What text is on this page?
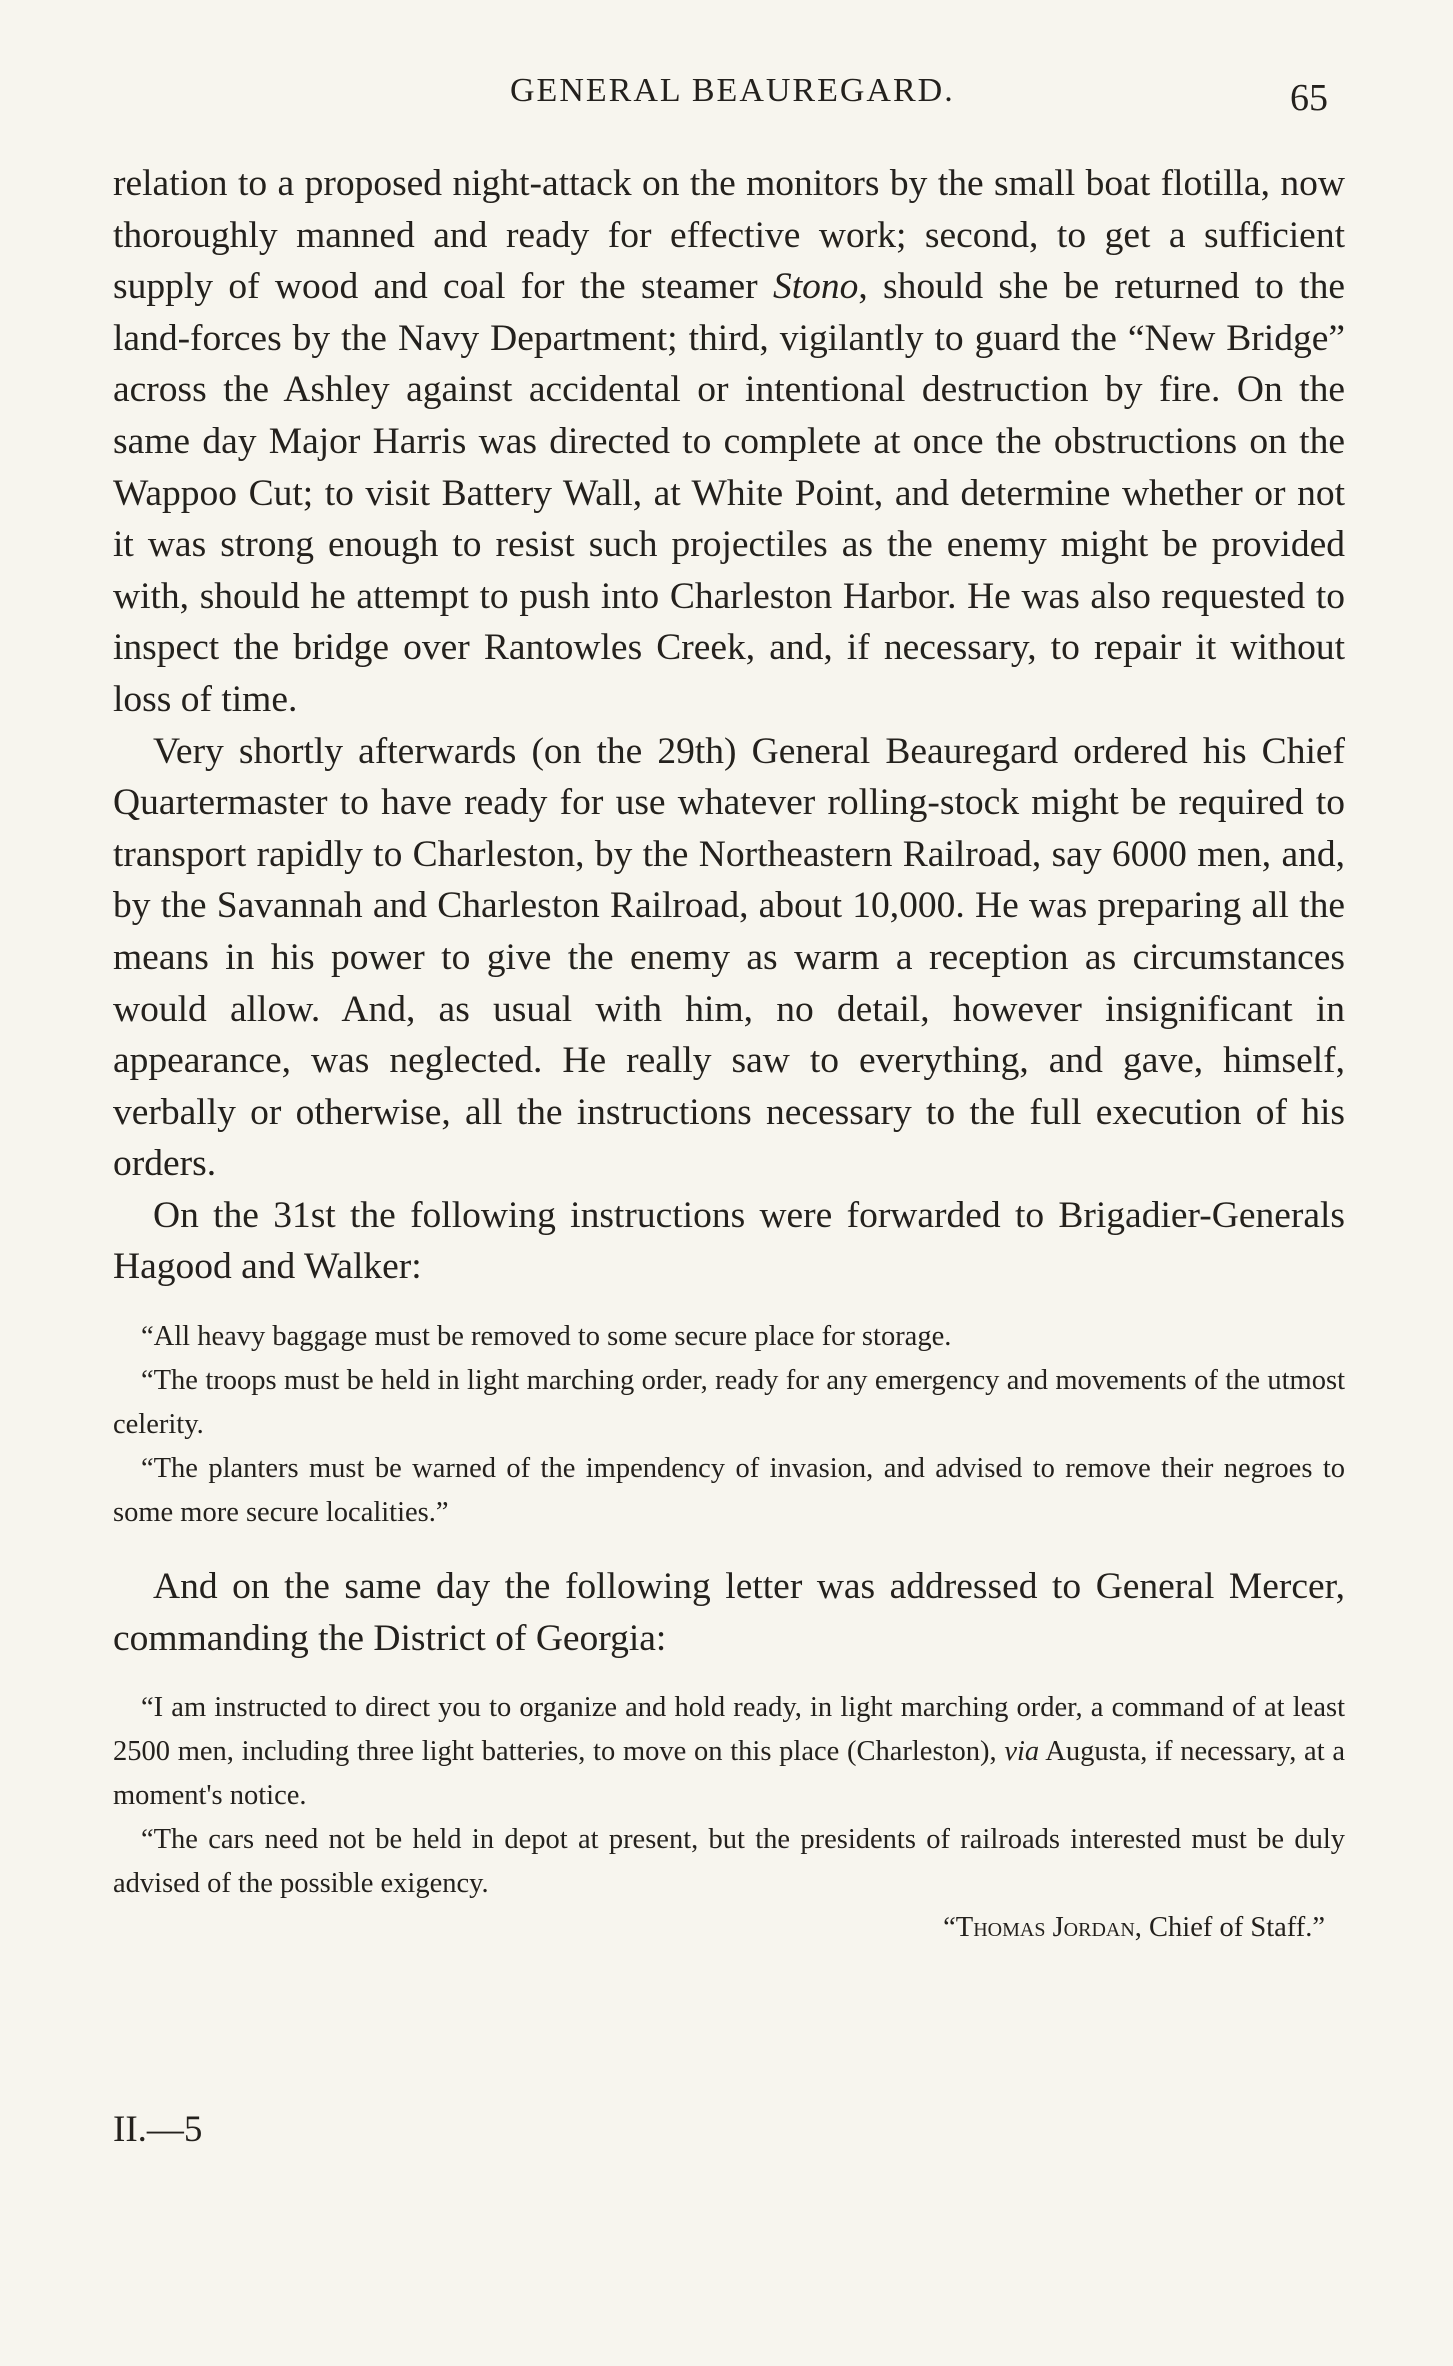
GENERAL BEAUREGARD.	65

relation to a proposed night-attack on the monitors by the small boat flotilla, now thoroughly manned and ready for effective work; second, to get a sufficient supply of wood and coal for the steamer Stono, should she be returned to the land-forces by the Navy Department; third, vigilantly to guard the “New Bridge” across the Ashley against accidental or intentional destruction by fire. On the same day Major Harris was directed to complete at once the obstructions on the Wappoo Cut; to visit Battery Wall, at White Point, and determine whether or not it was strong enough to resist such projectiles as the enemy might be provided with, should he attempt to push into Charleston Harbor. He was also requested to inspect the bridge over Rantowles Creek, and, if necessary, to repair it without loss of time.

Very shortly afterwards (on the 29th) General Beauregard ordered his Chief Quartermaster to have ready for use whatever rolling-stock might be required to transport rapidly to Charleston, by the Northeastern Railroad, say 6000 men, and, by the Savannah and Charleston Railroad, about 10,000. He was preparing all the means in his power to give the enemy as warm a reception as circumstances would allow. And, as usual with him, no detail, however insignificant in appearance, was neglected. He really saw to everything, and gave, himself, verbally or otherwise, all the instructions necessary to the full execution of his orders.

On the 31st the following instructions were forwarded to Brigadier-Generals Hagood and Walker:

“All heavy baggage must be removed to some secure place for storage.

“The troops must be held in light marching order, ready for any emergency and movements of the utmost celerity.

“The planters must be warned of the impendency of invasion, and advised to remove their negroes to some more secure localities.”

And on the same day the following letter was addressed to General Mercer, commanding the District of Georgia:

“I am instructed to direct you to organize and hold ready, in light marching order, a command of at least 2500 men, including three light batteries, to move on this place (Charleston), via Augusta, if necessary, at a moment's notice.

“The cars need not be held in depot at present, but the presidents of railroads interested must be duly advised of the possible exigency.

“Thomas Jordan, Chief of Staff.”

II.—5
